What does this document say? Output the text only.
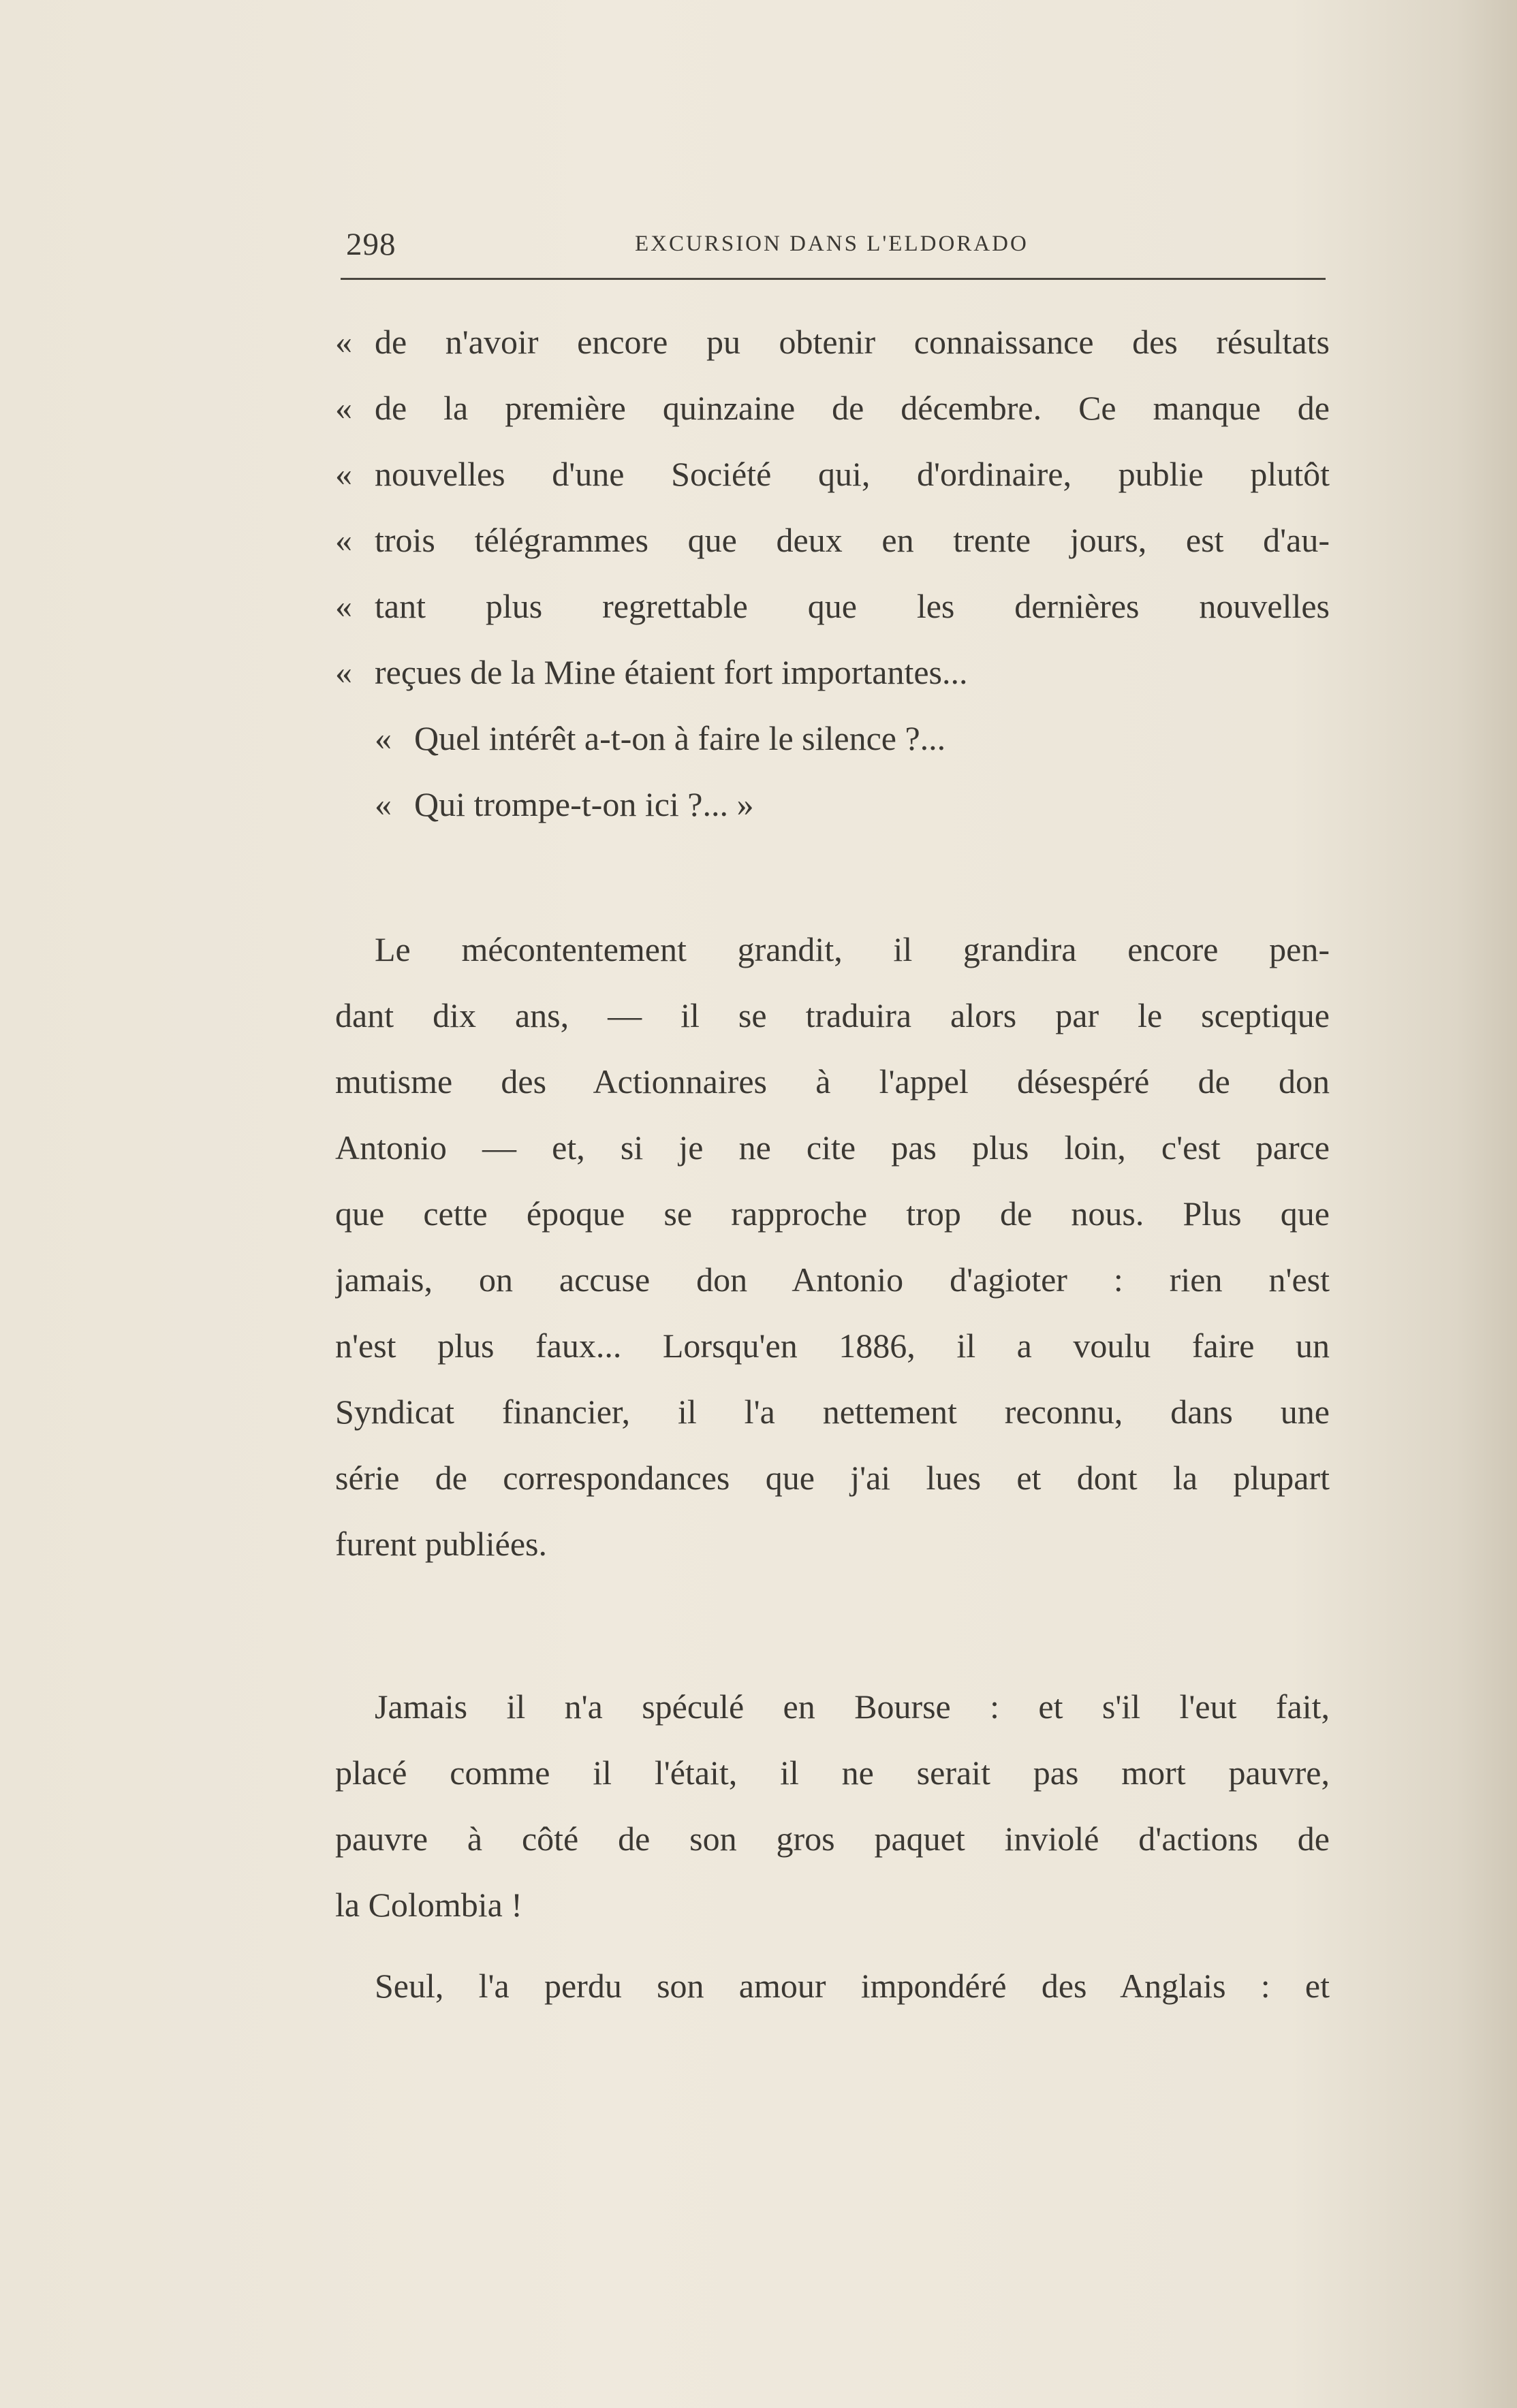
298	EXCURSION DANS L'ELDORADO
« de n'avoir encore pu obtenir connaissance des résultats
« de la première quinzaine de décembre. Ce manque de
« nouvelles d'une Société qui, d'ordinaire, publie plutôt
« trois télégrammes que deux en trente jours, est d'au-
« tant plus regrettable que les dernières nouvelles
« reçues de la Mine étaient fort importantes...
« Quel intérêt a-t-on à faire le silence ?...
« Qui trompe-t-on ici ?... »
Le mécontentement grandit, il grandira encore pen-
dant dix ans, — il se traduira alors par le sceptique
mutisme des Actionnaires à l'appel désespéré de don
Antonio — et, si je ne cite pas plus loin, c'est parce
que cette époque se rapproche trop de nous. Plus que
jamais, on accuse don Antonio d'agioter : rien n'est
n'est plus faux... Lorsqu'en 1886, il a voulu faire un
Syndicat financier, il l'a nettement reconnu, dans une
série de correspondances que j'ai lues et dont la plupart
furent publiées.
Jamais il n'a spéculé en Bourse : et s'il l'eut fait,
placé comme il l'était, il ne serait pas mort pauvre,
pauvre à côté de son gros paquet inviolé d'actions de
la Colombia !
Seul, l'a perdu son amour impondéré des Anglais : et
